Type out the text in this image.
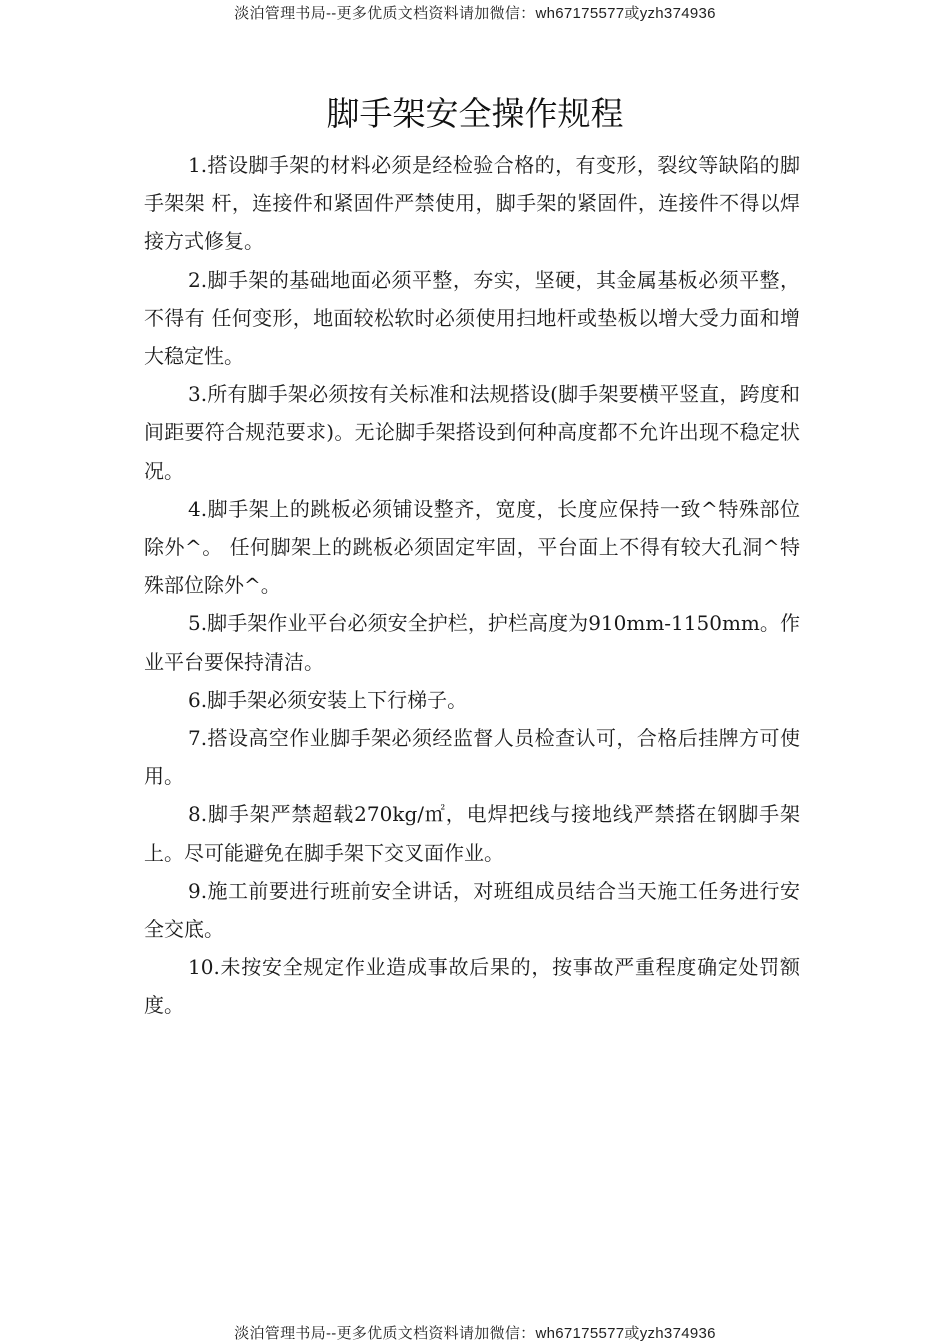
淡泊管理书局--更多优质文档资料请加微信：wh67175577或yzh374936
脚手架安全操作规程

1.搭设脚手架的材料必须是经检验合格的，有变形，裂纹等缺陷的脚手架架 杆，连接件和紧固件严禁使用，脚手架的紧固件，连接件不得以焊接方式修复。

2.脚手架的基础地面必须平整，夯实，坚硬，其金属基板必须平整，不得有 任何变形，地面较松软时必须使用扫地杆或垫板以增大受力面和增大稳定性。

3.所有脚手架必须按有关标准和法规搭设(脚手架要横平竖直，跨度和间距要符合规范要求)。无论脚手架搭设到何种高度都不允许出现不稳定状况。

4.脚手架上的跳板必须铺设整齐，宽度，长度应保持一致^特殊部位除外^。 任何脚架上的跳板必须固定牢固，平台面上不得有较大孔洞^特殊部位除外^。

5.脚手架作业平台必须安全护栏，护栏高度为910mm-1150mm。作业平台要保持清洁。

6.脚手架必须安装上下行梯子。

7.搭设高空作业脚手架必须经监督人员检查认可，合格后挂牌方可使用。

8.脚手架严禁超载270kg/㎡，电焊把线与接地线严禁搭在钢脚手架上。尽可能避免在脚手架下交叉面作业。

9.施工前要进行班前安全讲话，对班组成员结合当天施工任务进行安全交底。

10.未按安全规定作业造成事故后果的，按事故严重程度确定处罚额度。

淡泊管理书局--更多优质文档资料请加微信：wh67175577或yzh374936
